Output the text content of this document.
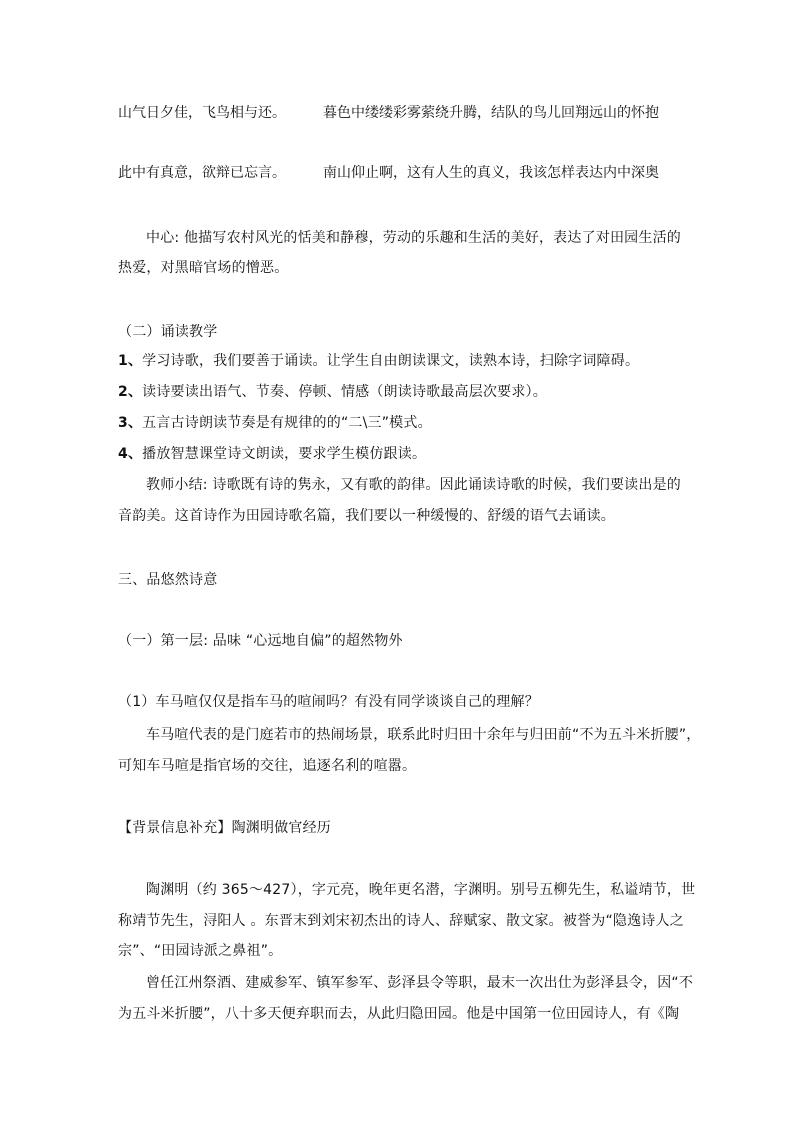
山气日夕佳，飞鸟相与还。	暮色中缕缕彩雾萦绕升腾，结队的鸟儿回翔远山的怀抱
此中有真意，欲辩已忘言。	南山仰止啊，这有人生的真义，我该怎样表达内中深奥
中心: 他描写农村风光的恬美和静穆，劳动的乐趣和生活的美好，表达了对田园生活的
热爱，对黑暗官场的憎恶。
（二）诵读教学
1、学习诗歌，我们要善于诵读。让学生自由朗读课文，读熟本诗，扫除字词障碍。
2、读诗要读出语气、节奏、停顿、情感（朗读诗歌最高层次要求）。
3、五言古诗朗读节奏是有规律的的“二\三”模式。
4、播放智慧课堂诗文朗读，要求学生模仿跟读。
教师小结: 诗歌既有诗的隽永，又有歌的韵律。因此诵读诗歌的时候，我们要读出是的
音韵美。这首诗作为田园诗歌名篇，我们要以一种缓慢的、舒缓的语气去诵读。
三、品悠然诗意
（一）第一层: 品味 “心远地自偏”的超然物外
（1）车马喧仅仅是指车马的喧闹吗？有没有同学谈谈自己的理解？
车马喧代表的是门庭若市的热闹场景，联系此时归田十余年与归田前“不为五斗米折腰”，
可知车马喧是指官场的交往，追逐名利的喧嚣。
【背景信息补充】陶渊明做官经历
陶渊明（约 365～427），字元亮，晚年更名潜，字渊明。别号五柳先生，私谥靖节，世
称靖节先生，浔阳人 。东晋末到刘宋初杰出的诗人、辞赋家、散文家。被誉为“隐逸诗人之
宗”、“田园诗派之鼻祖”。
曾任江州祭酒、建威参军、镇军参军、彭泽县令等职，最末一次出仕为彭泽县令，因“不
为五斗米折腰”，八十多天便弃职而去，从此归隐田园。他是中国第一位田园诗人，有《陶
